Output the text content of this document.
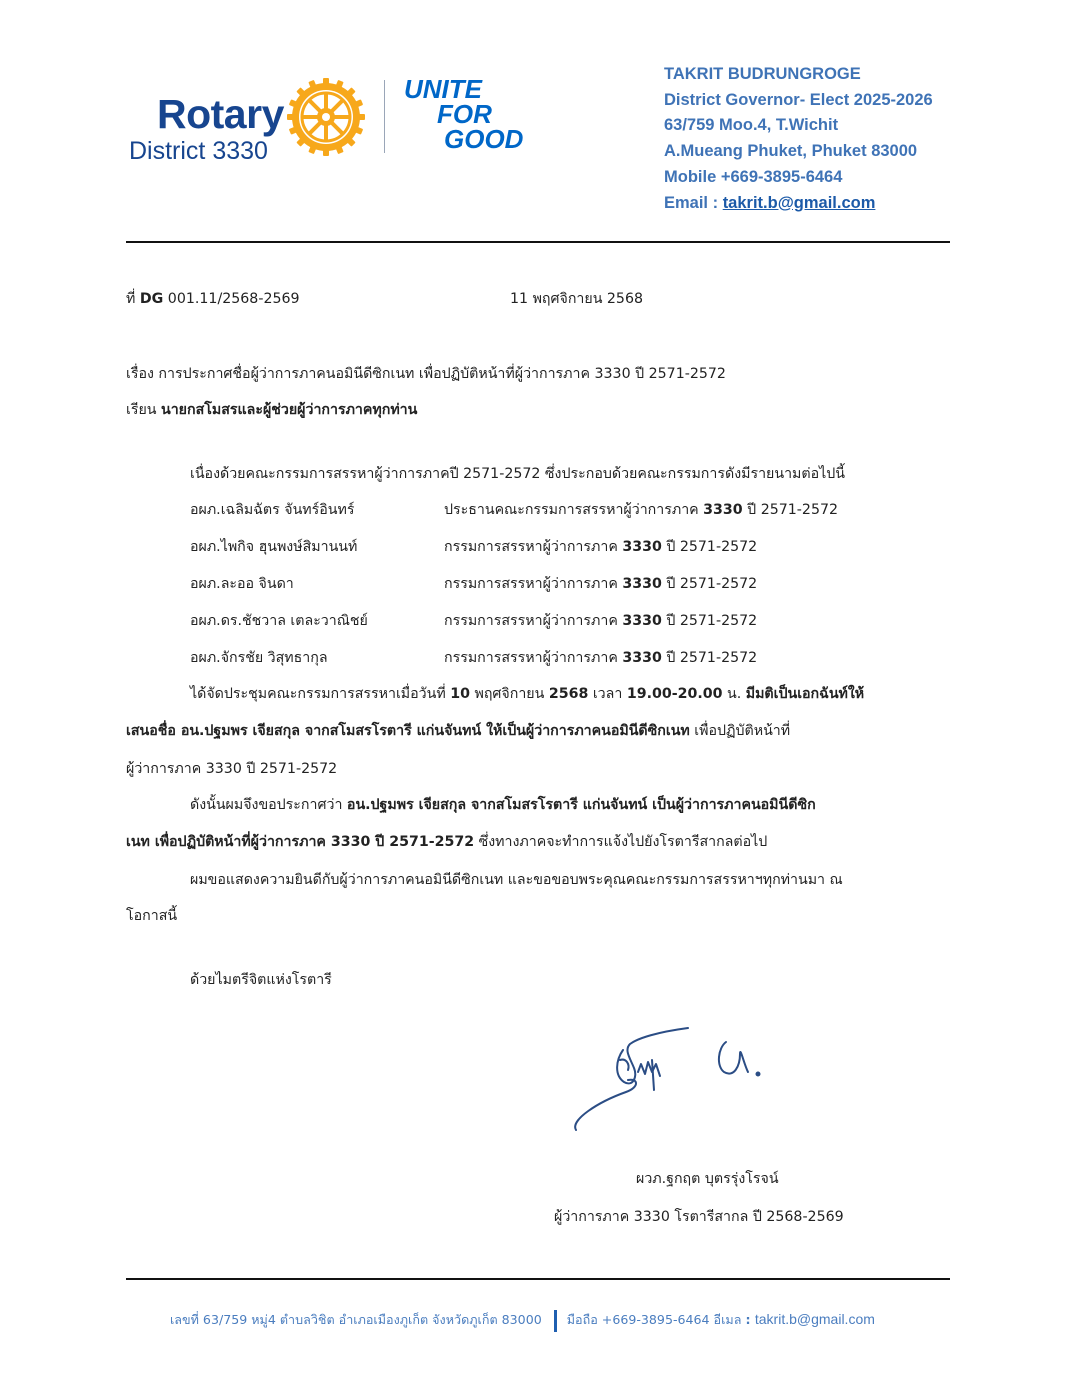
Rotary
District 3330
UNITE
FOR
GOOD
TAKRIT BUDRUNGROGE
District Governor- Elect 2025-2026
63/759 Moo.4, T.Wichit
A.Mueang Phuket, Phuket 83000
Mobile +669-3895-6464
Email : takrit.b@gmail.com
ที่ DG 001.11/2568-2569	11 พฤศจิกายน 2568
เรื่อง การประกาศชื่อผู้ว่าการภาคนอมินีดีซิกเนท เพื่อปฏิบัติหน้าที่ผู้ว่าการภาค 3330 ปี 2571-2572
เรียน นายกสโมสรและผู้ช่วยผู้ว่าการภาคทุกท่าน
เนื่องด้วยคณะกรรมการสรรหาผู้ว่าการภาคปี 2571-2572 ซึ่งประกอบด้วยคณะกรรมการดังมีรายนามต่อไปนี้
อผภ.เฉลิมฉัตร จันทร์อินทร์	ประธานคณะกรรมการสรรหาผู้ว่าการภาค 3330 ปี 2571-2572
อผภ.ไพกิจ ฮุนพงษ์สิมานนท์	กรรมการสรรหาผู้ว่าการภาค 3330 ปี 2571-2572
อผภ.ละออ จินดา	กรรมการสรรหาผู้ว่าการภาค 3330 ปี 2571-2572
อผภ.ดร.ชัชวาล เตละวาณิชย์	กรรมการสรรหาผู้ว่าการภาค 3330 ปี 2571-2572
อผภ.จักรชัย วิสุทธากุล	กรรมการสรรหาผู้ว่าการภาค 3330 ปี 2571-2572
ได้จัดประชุมคณะกรรมการสรรหาเมื่อวันที่ 10 พฤศจิกายน 2568 เวลา 19.00-20.00 น. มีมติเป็นเอกฉันท์ให้
เสนอชื่อ อน.ปฐมพร เจียสกุล จากสโมสรโรตารี แก่นจันทน์ ให้เป็นผู้ว่าการภาคนอมินีดีซิกเนท เพื่อปฏิบัติหน้าที่
ผู้ว่าการภาค 3330 ปี 2571-2572
ดังนั้นผมจึงขอประกาศว่า อน.ปฐมพร เจียสกุล จากสโมสรโรตารี แก่นจันทน์ เป็นผู้ว่าการภาคนอมินีดีซิก
เนท เพื่อปฏิบัติหน้าที่ผู้ว่าการภาค 3330 ปี 2571-2572 ซึ่งทางภาคจะทำการแจ้งไปยังโรตารีสากลต่อไป
ผมขอแสดงความยินดีกับผู้ว่าการภาคนอมินีดีซิกเนท และขอขอบพระคุณคณะกรรมการสรรหาฯทุกท่านมา ณ
โอกาสนี้
ด้วยไมตรีจิตแห่งโรตารี
ผวภ.ฐกฤต บุตรรุ่งโรจน์
ผู้ว่าการภาค 3330 โรตารีสากล ปี 2568-2569
เลขที่ 63/759 หมู่4 ตำบลวิชิต อำเภอเมืองภูเก็ต จังหวัดภูเก็ต 83000 มือถือ +669-3895-6464 อีเมล : takrit.b@gmail.com
